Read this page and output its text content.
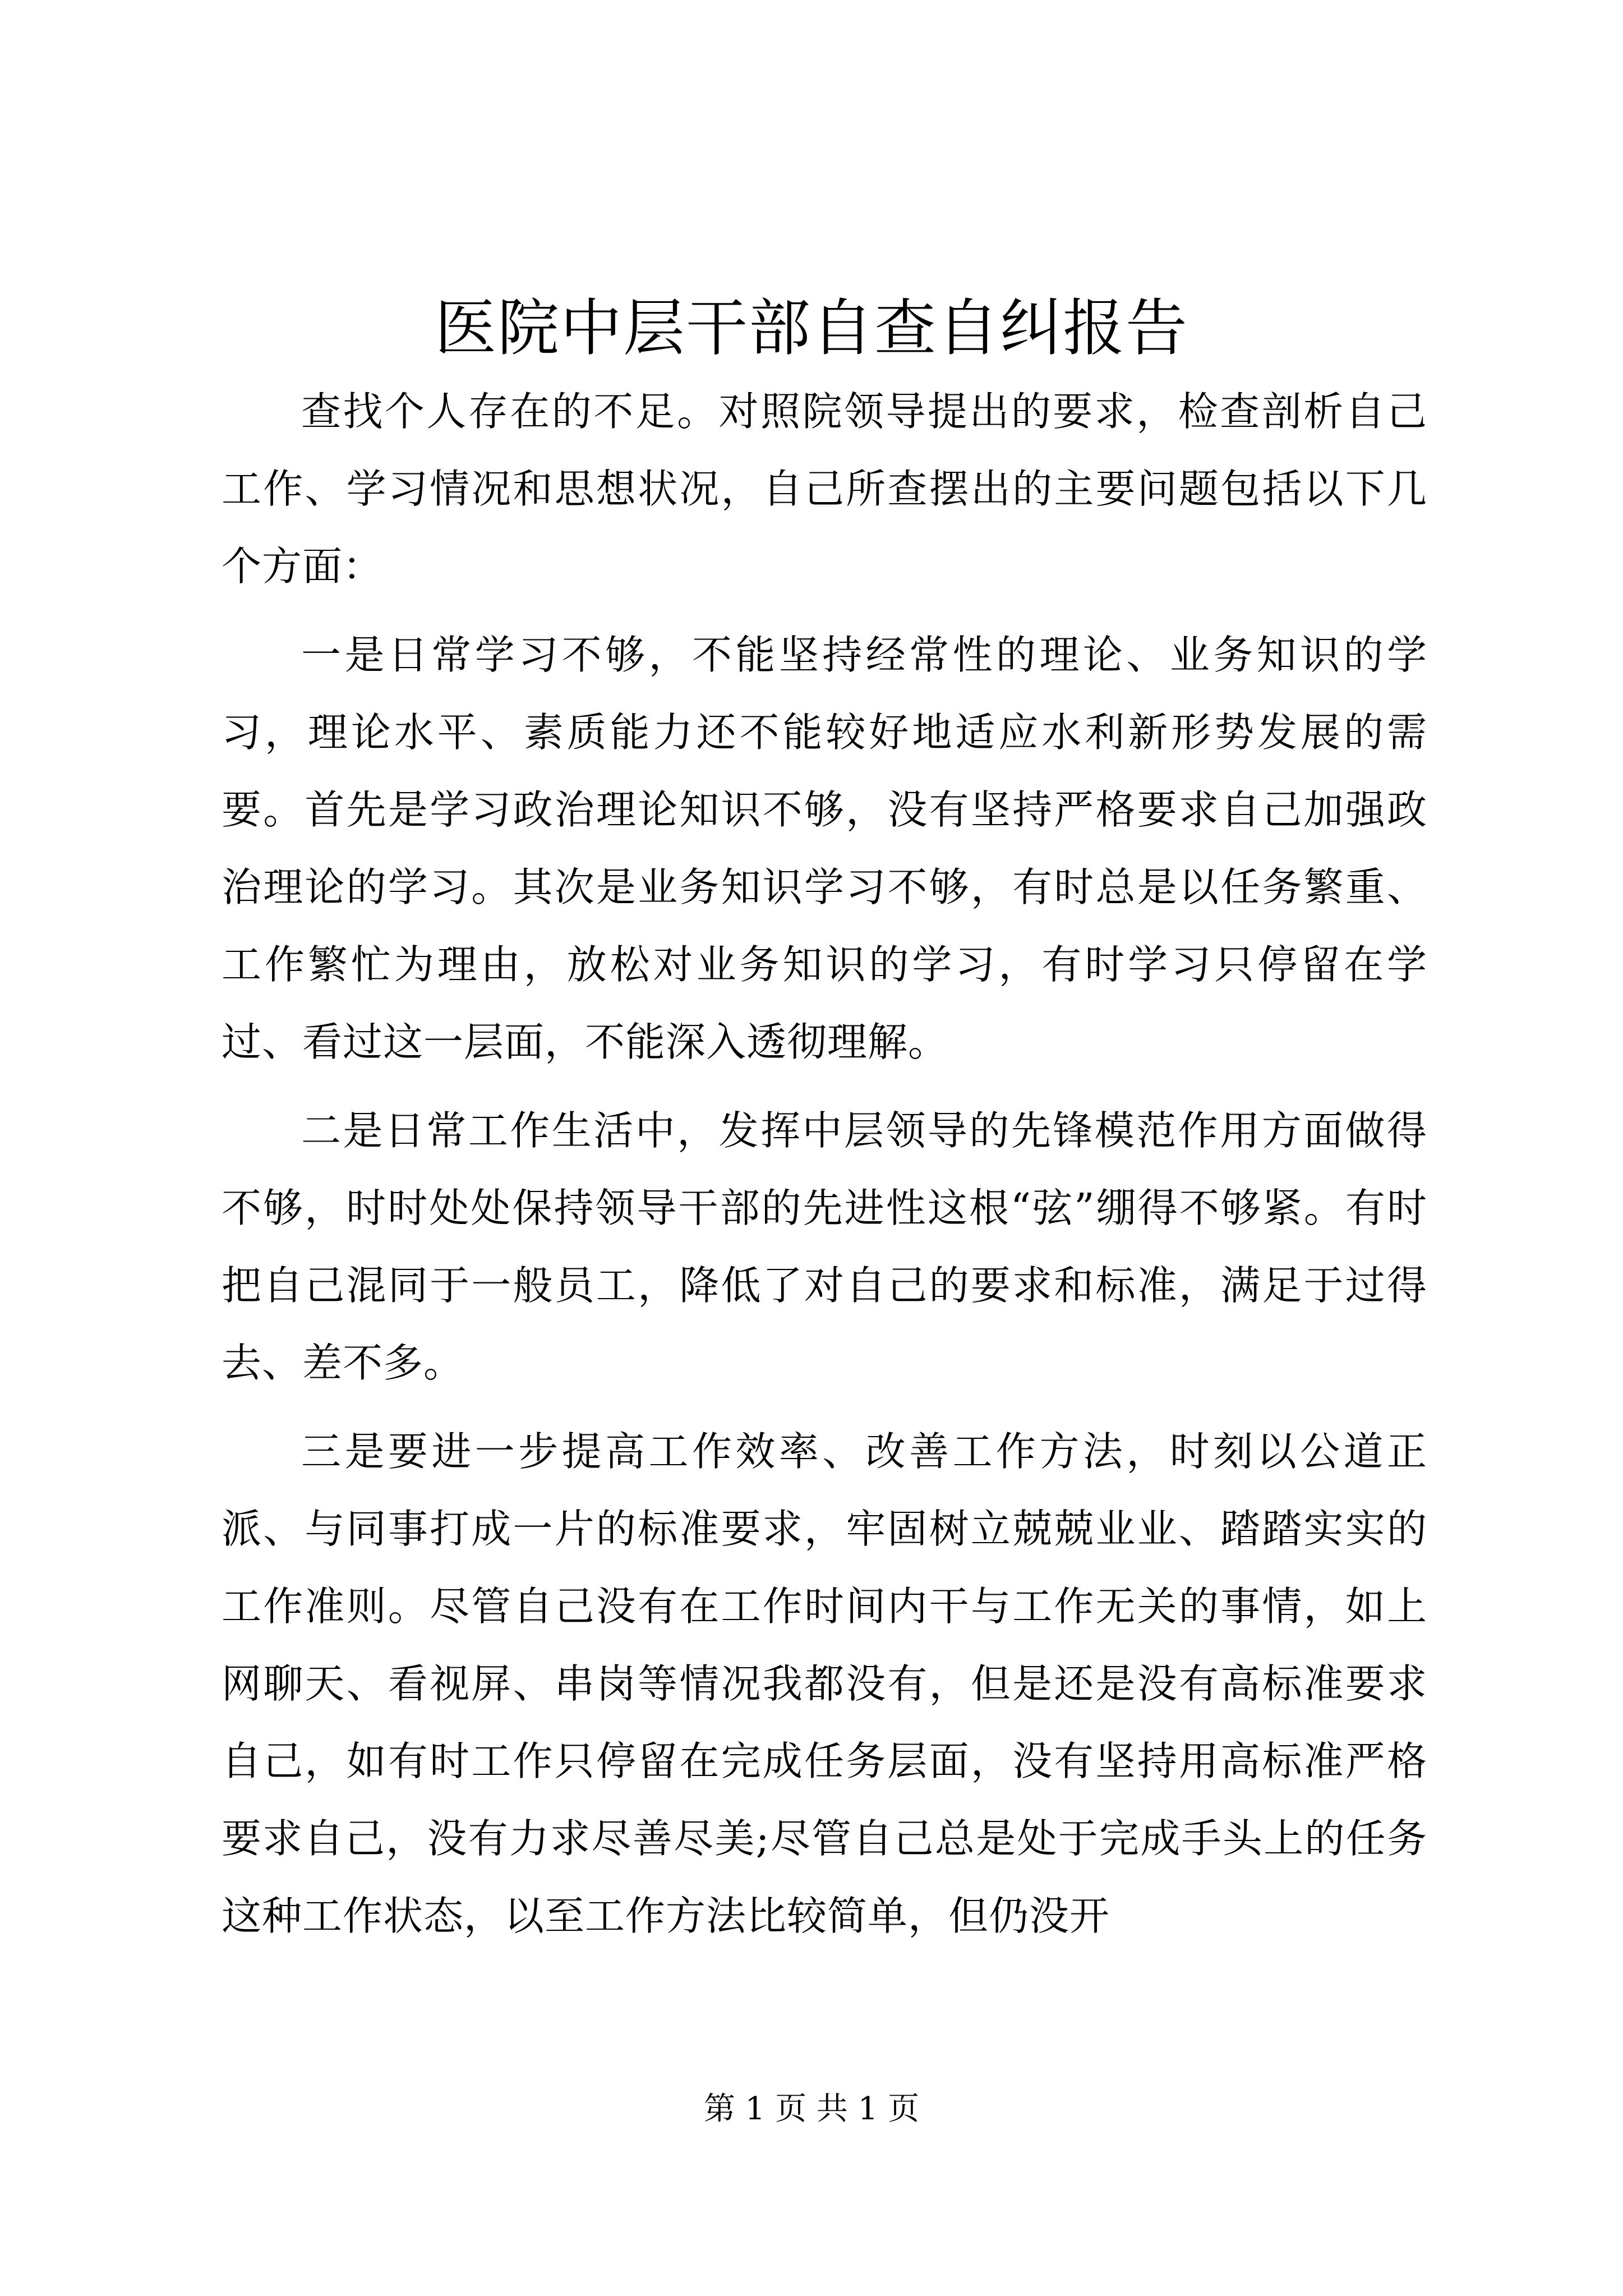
医院中层干部自查自纠报告

查找个人存在的不足。对照院领导提出的要求，检查剖析自己工作、学习情况和思想状况，自己所查摆出的主要问题包括以下几个方面：

一是日常学习不够，不能坚持经常性的理论、业务知识的学习，理论水平、素质能力还不能较好地适应水利新形势发展的需要。首先是学习政治理论知识不够，没有坚持严格要求自己加强政治理论的学习。其次是业务知识学习不够，有时总是以任务繁重、工作繁忙为理由，放松对业务知识的学习，有时学习只停留在学过、看过这一层面，不能深入透彻理解。

二是日常工作生活中，发挥中层领导的先锋模范作用方面做得不够，时时处处保持领导干部的先进性这根“弦”绷得不够紧。有时把自己混同于一般员工，降低了对自己的要求和标准，满足于过得去、差不多。

三是要进一步提高工作效率、改善工作方法，时刻以公道正派、与同事打成一片的标准要求，牢固树立兢兢业业、踏踏实实的工作准则。尽管自己没有在工作时间内干与工作无关的事情，如上网聊天、看视屏、串岗等情况我都没有，但是还是没有高标准要求自己，如有时工作只停留在完成任务层面，没有坚持用高标准严格要求自己，没有力求尽善尽美;尽管自己总是处于完成手头上的任务这种工作状态，以至工作方法比较简单，但仍没开

第 1 页 共 1 页
